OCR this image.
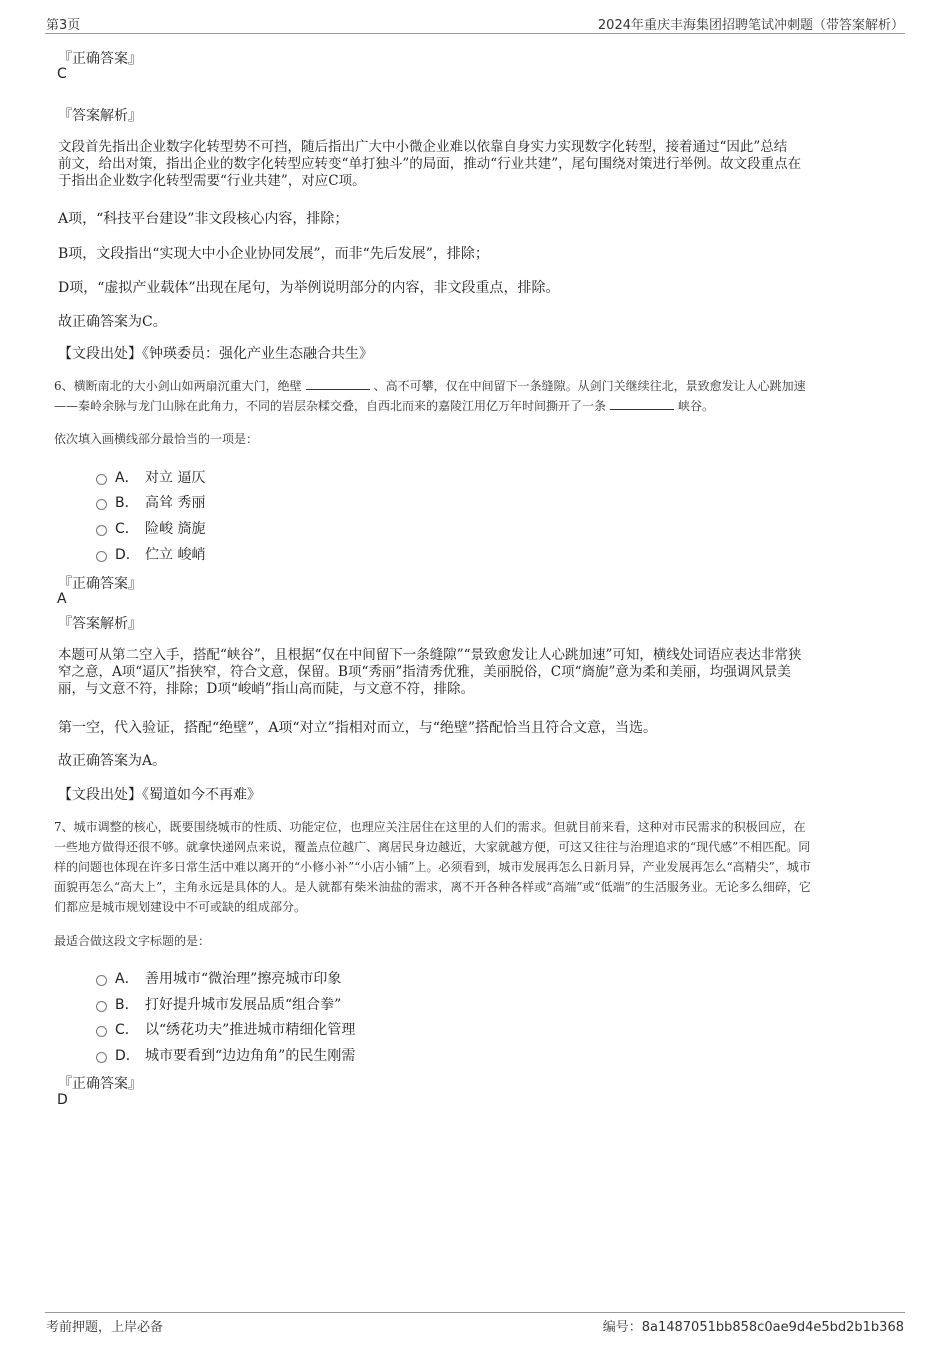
第3页	2024年重庆丰海集团招聘笔试冲刺题（带答案解析）
『正确答案』
C
『答案解析』
文段首先指出企业数字化转型势不可挡，随后指出广大中小微企业难以依靠自身实力实现数字化转型，接着通过“因此”总结
前文，给出对策，指出企业的数字化转型应转变“单打独斗”的局面，推动“行业共建”，尾句围绕对策进行举例。故文段重点在
于指出企业数字化转型需要“行业共建”，对应C项。
A项，“科技平台建设”非文段核心内容，排除；
B项，文段指出“实现大中小企业协同发展”，而非“先后发展”，排除；
D项，“虚拟产业载体”出现在尾句，为举例说明部分的内容，非文段重点，排除。
故正确答案为C。
【文段出处】《钟瑛委员：强化产业生态融合共生》
6、横断南北的大小剑山如两扇沉重大门，绝壁	、高不可攀，仅在中间留下一条缝隙。从剑门关继续往北，景致愈发让人心跳加速
——秦岭余脉与龙门山脉在此角力，不同的岩层杂糅交叠，自西北而来的嘉陵江用亿万年时间撕开了一条	峡谷。
依次填入画横线部分最恰当的一项是：
A． 对立 逼仄
B． 高耸 秀丽
C． 险峻 旖旎
D． 伫立 峻峭
『正确答案』
A
『答案解析』
本题可从第二空入手，搭配“峡谷”，且根据“仅在中间留下一条缝隙”“景致愈发让人心跳加速”可知，横线处词语应表达非常狭
窄之意，A项“逼仄”指狭窄，符合文意，保留。B项“秀丽”指清秀优雅，美丽脱俗，C项“旖旎”意为柔和美丽，均强调风景美
丽，与文意不符，排除；D项“峻峭”指山高而陡，与文意不符，排除。
第一空，代入验证，搭配“绝壁”，A项“对立”指相对而立，与“绝壁”搭配恰当且符合文意，当选。
故正确答案为A。
【文段出处】《蜀道如今不再难》
7、城市调整的核心，既要围绕城市的性质、功能定位，也理应关注居住在这里的人们的需求。但就目前来看，这种对市民需求的积极回应，在
一些地方做得还很不够。就拿快递网点来说，覆盖点位越广、离居民身边越近，大家就越方便，可这又往往与治理追求的“现代感”不相匹配。同
样的问题也体现在许多日常生活中难以离开的“小修小补”“小店小铺”上。必须看到，城市发展再怎么日新月异，产业发展再怎么“高精尖”，城市
面貌再怎么“高大上”，主角永远是具体的人。是人就都有柴米油盐的需求，离不开各种各样或“高端”或“低端”的生活服务业。无论多么细碎，它
们都应是城市规划建设中不可或缺的组成部分。
最适合做这段文字标题的是：
A． 善用城市“微治理”擦亮城市印象
B． 打好提升城市发展品质“组合拳”
C． 以“绣花功夫”推进城市精细化管理
D． 城市要看到“边边角角”的民生刚需
『正确答案』
D
考前押题，上岸必备	编号：8a1487051bb858c0ae9d4e5bd2b1b368
